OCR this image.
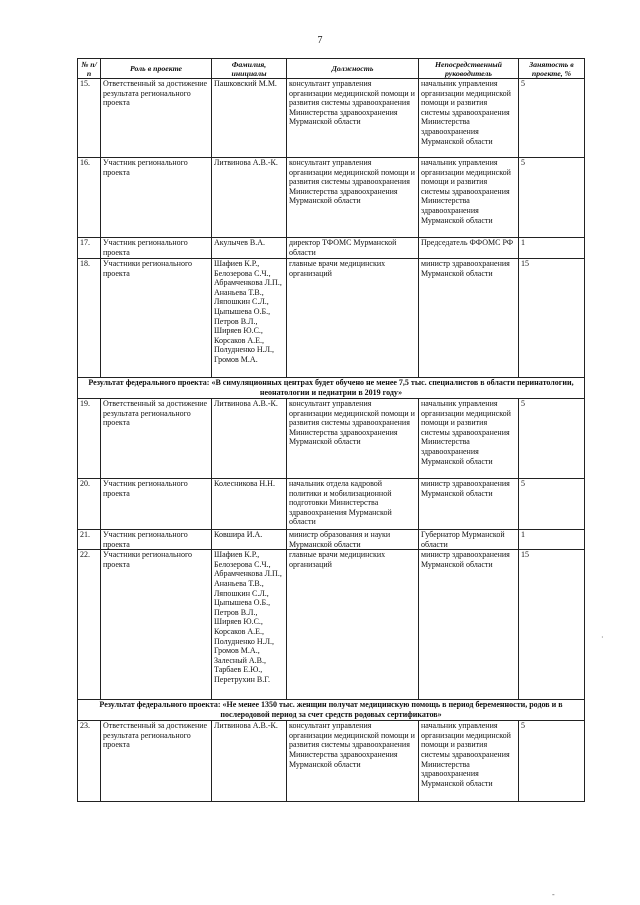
7
№ п/п	Роль в проекте	Фамилия, инициалы	Должность	Непосредственный руководитель	Занятость в проекте, %
15.	Ответственный за достижение результата регионального проекта	Пашковский М.М.	консультант управления организации медицинской помощи и развития системы здравоохранения Министерства здравоохранения Мурманской области	начальник управления организации медицинской помощи и развития системы здравоохранения Министерства здравоохранения Мурманской области	5
16.	Участник регионального проекта	Литвинова А.В.-К.	консультант управления организации медицинской помощи и развития системы здравоохранения Министерства здравоохранения Мурманской области	начальник управления организации медицинской помощи и развития системы здравоохранения Министерства здравоохранения Мурманской области	5
17.	Участник регионального проекта	Акулычев В.А.	директор ТФОМС Мурманской области	Председатель ФФОМС РФ	1
18.	Участники регионального проекта	Шафиев К.Р., Белозерова С.Ч., Абрамченкова Л.П., Ананьева Т.В., Ляпошкин С.Л., Цыпышева О.Б., Петров В.Л., Ширяев Ю.С., Корсаков А.Е., Полудненко Н.Л., Громов М.А.	главные врачи медицинских организаций	министр здравоохранения Мурманской области	15
Результат федерального проекта: «В симуляционных центрах будет обучено не менее 7,5 тыс. специалистов в области перинатологии, неонатологии и педиатрии в 2019 году»					
19.	Ответственный за достижение результата регионального проекта	Литвинова А.В.-К.	консультант управления организации медицинской помощи и развития системы здравоохранения Министерства здравоохранения Мурманской области	начальник управления организации медицинской помощи и развития системы здравоохранения Министерства здравоохранения Мурманской области	5
20.	Участник регионального проекта	Колесникова Н.Н.	начальник отдела кадровой политики и мобилизационной подготовки Министерства здравоохранения Мурманской области	министр здравоохранения Мурманской области	5
21.	Участник регионального проекта	Ковшира И.А.	министр образования и науки Мурманской области	Губернатор Мурманской области	1
22.	Участники регионального проекта	Шафиев К.Р., Белозерова С.Ч., Абрамченкова Л.П., Ананьева Т.В., Ляпошкин С.Л., Цыпышева О.Б., Петров В.Л., Ширяев Ю.С., Корсаков А.Е., Полудненко Н.Л., Громов М.А., Залесный А.В., Тарбаев Е.Ю., Перетрухин В.Г.	главные врачи медицинских организаций	министр здравоохранения Мурманской области	15
Результат федерального проекта: «Не менее 1350 тыс. женщин получат медицинскую помощь в период беременности, родов и в послеродовой период за счет средств родовых сертификатов»					
23.	Ответственный за достижение результата регионального проекта	Литвинова А.В.-К.	консультант управления организации медицинской помощи и развития системы здравоохранения Министерства здравоохранения Мурманской области	начальник управления организации медицинской помощи и развития системы здравоохранения Министерства здравоохранения Мурманской области	5
·
-
